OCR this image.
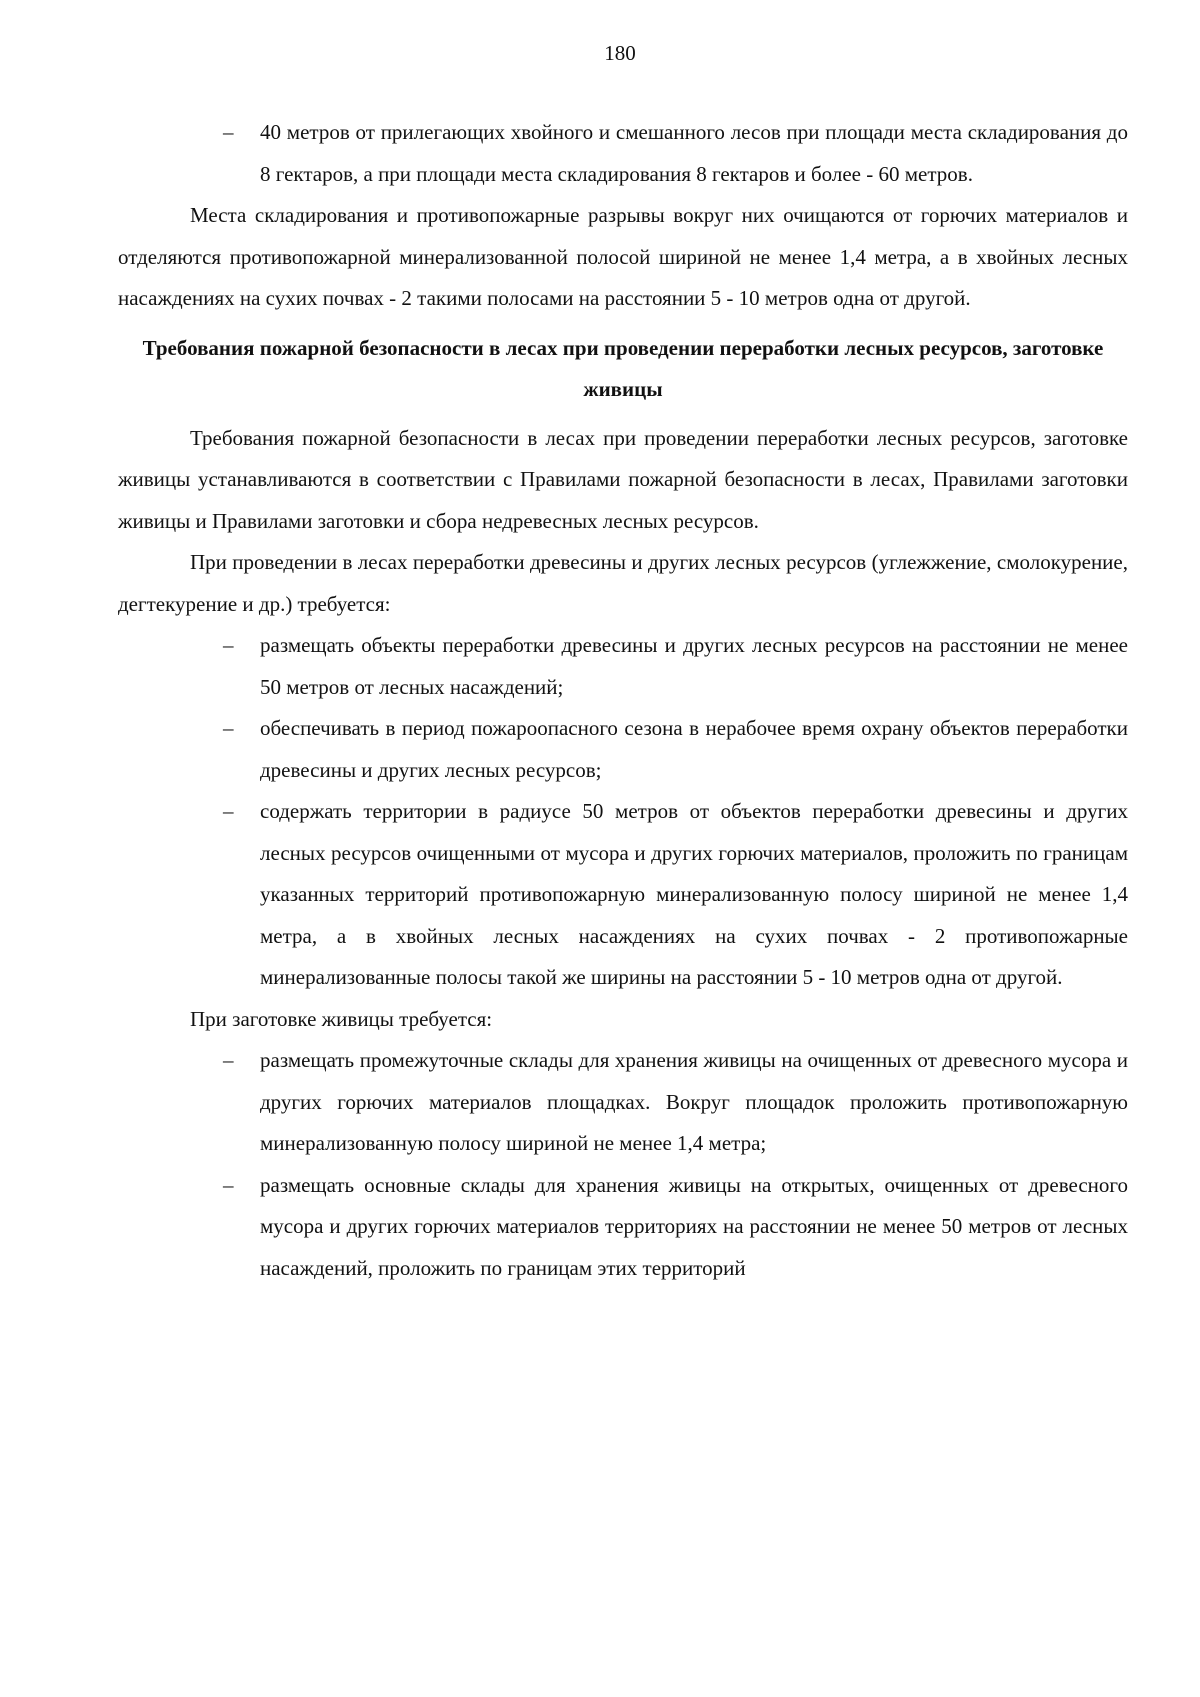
180
– 40 метров от прилегающих хвойного и смешанного лесов при площади места складирования до 8 гектаров, а при площади места складирования 8 гектаров и более - 60 метров.

Места складирования и противопожарные разрывы вокруг них очищаются от горючих материалов и отделяются противопожарной минерализованной полосой шириной не менее 1,4 метра, а в хвойных лесных насаждениях на сухих почвах - 2 такими полосами на расстоянии 5 - 10 метров одна от другой.

Требования пожарной безопасности в лесах при проведении переработки лесных ресурсов, заготовке живицы

Требования пожарной безопасности в лесах при проведении переработки лесных ресурсов, заготовке живицы устанавливаются в соответствии с Правилами пожарной безопасности в лесах, Правилами заготовки живицы и Правилами заготовки и сбора недревесных лесных ресурсов.

При проведении в лесах переработки древесины и других лесных ресурсов (углежжение, смолокурение, дегтекурение и др.) требуется:

– размещать объекты переработки древесины и других лесных ресурсов на расстоянии не менее 50 метров от лесных насаждений;
– обеспечивать в период пожароопасного сезона в нерабочее время охрану объектов переработки древесины и других лесных ресурсов;
– содержать территории в радиусе 50 метров от объектов переработки древесины и других лесных ресурсов очищенными от мусора и других горючих материалов, проложить по границам указанных территорий противопожарную минерализованную полосу шириной не менее 1,4 метра, а в хвойных лесных насаждениях на сухих почвах - 2 противопожарные минерализованные полосы такой же ширины на расстоянии 5 - 10 метров одна от другой.

При заготовке живицы требуется:

– размещать промежуточные склады для хранения живицы на очищенных от древесного мусора и других горючих материалов площадках. Вокруг площадок проложить противопожарную минерализованную полосу шириной не менее 1,4 метра;
– размещать основные склады для хранения живицы на открытых, очищенных от древесного мусора и других горючих материалов территориях на расстоянии не менее 50 метров от лесных насаждений, проложить по границам этих территорий
